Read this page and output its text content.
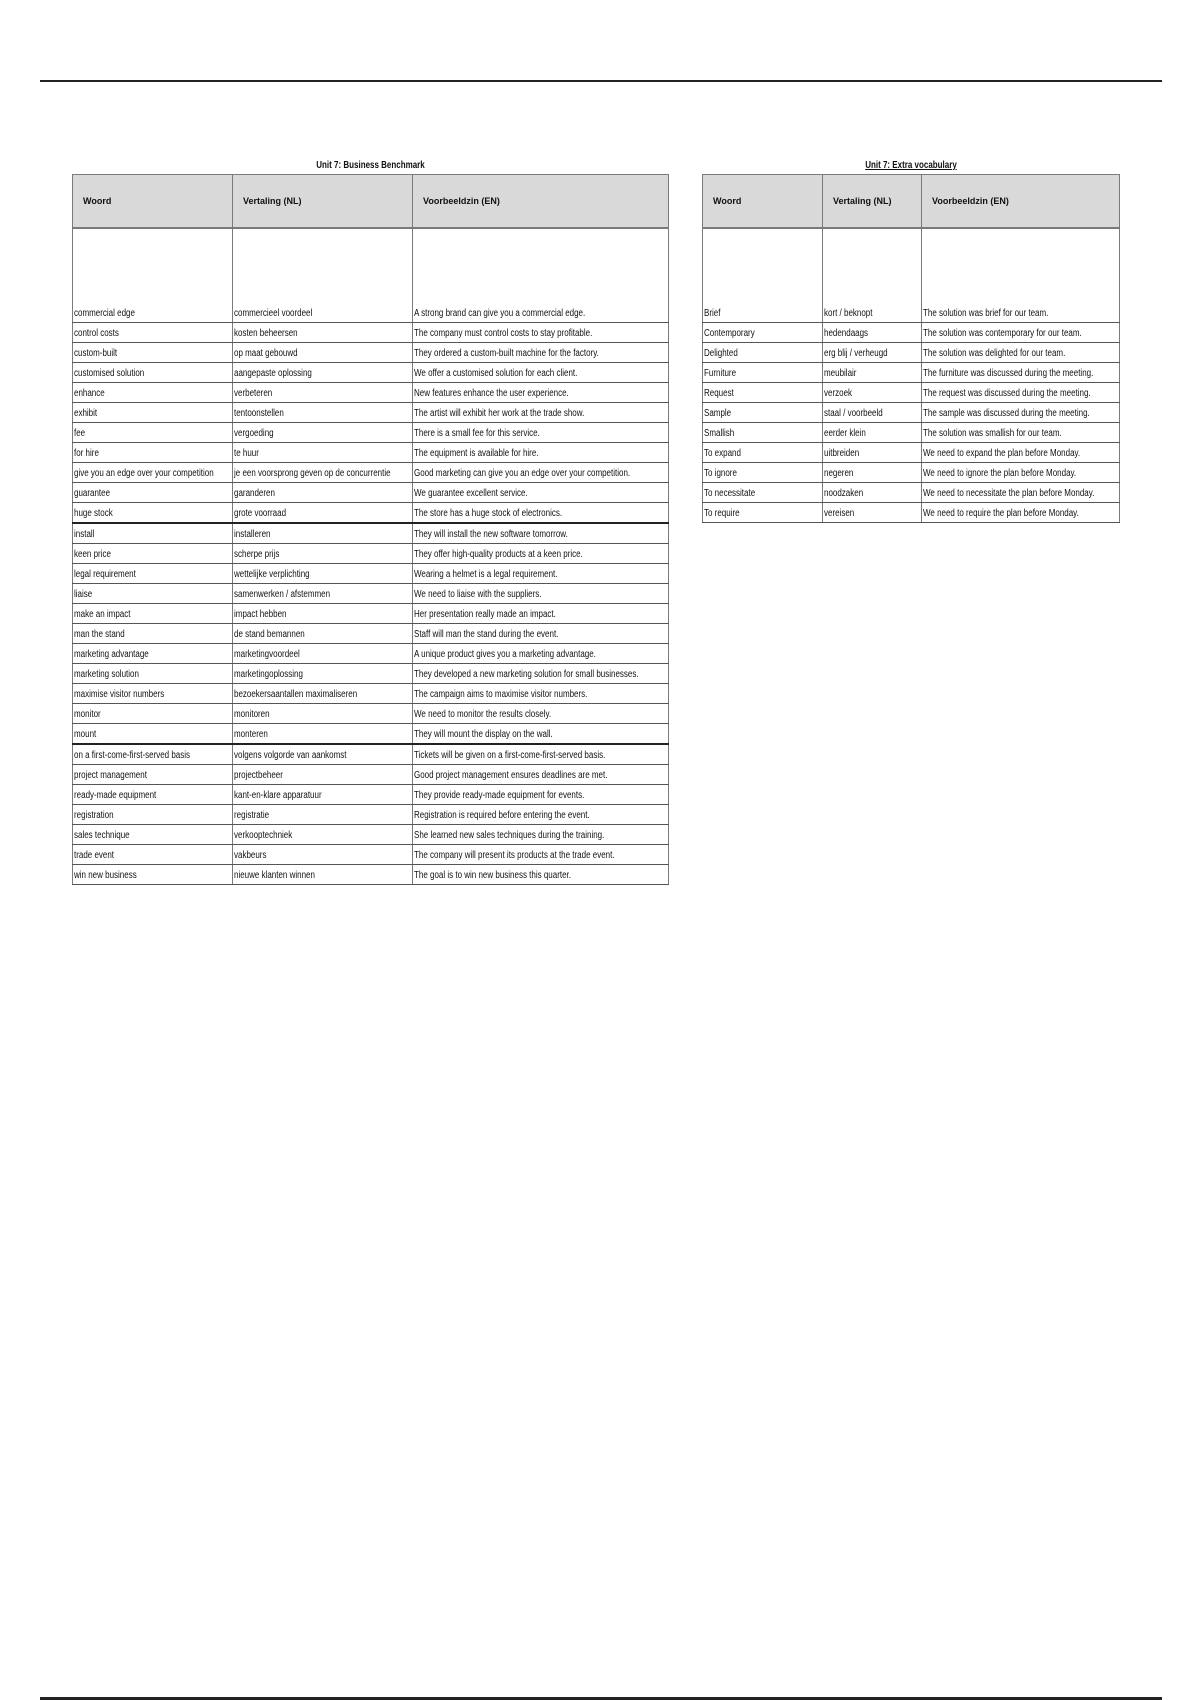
Unit 7: Business Benchmark
Woord	Vertaling (NL)	Voorbeeldzin (EN)

commercial edge	commercieel voordeel	A strong brand can give you a commercial edge.
control costs	kosten beheersen	The company must control costs to stay profitable.
custom-built	op maat gebouwd	They ordered a custom-built machine for the factory.
customised solution	aangepaste oplossing	We offer a customised solution for each client.
enhance	verbeteren	New features enhance the user experience.
exhibit	tentoonstellen	The artist will exhibit her work at the trade show.
fee	vergoeding	There is a small fee for this service.
for hire	te huur	The equipment is available for hire.
give you an edge over your competition	je een voorsprong geven op de concurrentie	Good marketing can give you an edge over your competition.
guarantee	garanderen	We guarantee excellent service.
huge stock	grote voorraad	The store has a huge stock of electronics.
install	installeren	They will install the new software tomorrow.
keen price	scherpe prijs	They offer high-quality products at a keen price.
legal requirement	wettelijke verplichting	Wearing a helmet is a legal requirement.
liaise	samenwerken / afstemmen	We need to liaise with the suppliers.
make an impact	impact hebben	Her presentation really made an impact.
man the stand	de stand bemannen	Staff will man the stand during the event.
marketing advantage	marketingvoordeel	A unique product gives you a marketing advantage.
marketing solution	marketingoplossing	They developed a new marketing solution for small businesses.
maximise visitor numbers	bezoekersaantallen maximaliseren	The campaign aims to maximise visitor numbers.
monitor	monitoren	We need to monitor the results closely.
mount	monteren	They will mount the display on the wall.
on a first-come-first-served basis	volgens volgorde van aankomst	Tickets will be given on a first-come-first-served basis.
project management	projectbeheer	Good project management ensures deadlines are met.
ready-made equipment	kant-en-klare apparatuur	They provide ready-made equipment for events.
registration	registratie	Registration is required before entering the event.
sales technique	verkooptechniek	She learned new sales techniques during the training.
trade event	vakbeurs	The company will present its products at the trade event.
win new business	nieuwe klanten winnen	The goal is to win new business this quarter.
Unit 7: Extra vocabulary
Woord	Vertaling (NL)	Voorbeeldzin (EN)

Brief	kort / beknopt	The solution was brief for our team.
Contemporary	hedendaags	The solution was contemporary for our team.
Delighted	erg blij / verheugd	The solution was delighted for our team.
Furniture	meubilair	The furniture was discussed during the meeting.
Request	verzoek	The request was discussed during the meeting.
Sample	staal / voorbeeld	The sample was discussed during the meeting.
Smallish	eerder klein	The solution was smallish for our team.
To expand	uitbreiden	We need to expand the plan before Monday.
To ignore	negeren	We need to ignore the plan before Monday.
To necessitate	noodzaken	We need to necessitate the plan before Monday.
To require	vereisen	We need to require the plan before Monday.
